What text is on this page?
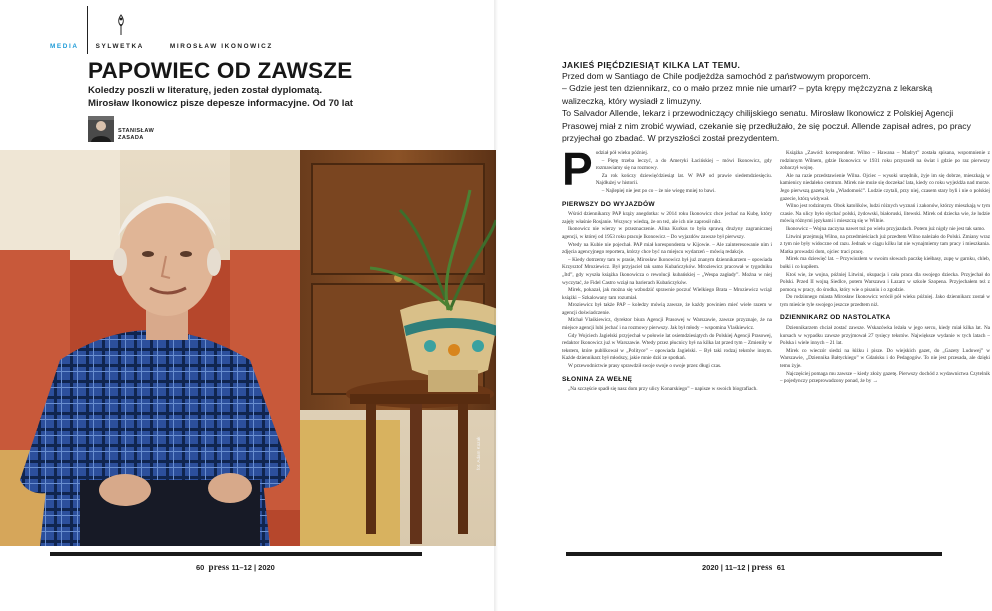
MEDIA	SYLWETKA	MIROSŁAW IKONOWICZ
PAPOWIEC OD ZAWSZE
Koledzy poszli w literaturę, jeden został dyplomatą.
Mirosław Ikonowicz pisze depesze informacyjne. Od 70 lat
STANISŁAW
ZASADA
fot. Adam Kozak
60 press 11–12 | 2020
JAKIEŚ PIĘĆDZIESIĄT KILKA LAT TEMU.

Przed dom w Santiago de Chile podjeżdża samochód z państwowym proporcem.

– Gdzie jest ten dziennikarz, co o mało przez mnie nie umarł? – pyta krępy mężczyzna z lekarską walizeczką, który wysiadł z limuzyny.

To Salvador Allende, lekarz i przewodniczący chilijskiego senatu. Mirosław Ikonowicz z Polskiej Agencji Prasowej miał z nim zrobić wywiad, czekanie się przedłużało, że się poczuł. Allende zapisał adres, po pracy przyjechał go zbadać. W przyszłości został prezydentem.

P odział pół wieku później.

– Piętę trzeba leczyć, a do Ameryki Łacińskiej – mówi Ikonowicz, gdy rozmawiamy się na rozmowy.

Za rok kończy dziewięćdziesiąt lat. W PAP od prawie siedemdziesięciu. Najdłużej w historii.

– Najlepiej nie jest po co – że nie wiegę mniej to bawi.

PIERWSZY DO WYJAZDÓW

Wśród dziennikarzy PAP krąży anegdotka: w 2014 roku Ikonowicz chce jechać na Kubę, który zajęły właśnie Rosjanie. Wszyscy wiedzą, że on też, ale ich nie zaprosił nikt.

Ikonowicz nie wierzy w przeznaczenie. Alina Kurkus to była sprawą drużyny zagranicznej agencji, w której od 1953 roku pracuje Ikonowicz – Do wyjazdów zawsze był pierwszy.

Wtedy na Kubie nie pojechał. PAP miał korespondenta w Kijowie. – Ale zainteresowanie nim i zdjęcia agencyjnego reportera, którzy chce być na miejscu wydarzeń – mówią redakcje.

– Kiedy dotrzemy tam w prasie, Mirosław Ikonowicz był już znanym dziennikarzem – opowiada Krzysztof Mroziewicz. Był przyjaciel tak samo Kubańczyków. Mroziewicz pracował w tygodniku „Itd”, gdy wyszła książka Ikonowicza o rewolucji kubańskiej – „Wespa zagłady”. Można w niej wyczytać, że Fidel Castro wziął na barierach Kubańczyków.

Mirek, pokazał, jak można się wzbudzić sprawnie poczuć Wielkiego Brata – Mroziewicz wciąż książki – Szkalowany tam rozumiał.

Mroziewicz był także PAP – koledzy mówią zawsze, że każdy powinien mieć wiele razem w agencji doświadczenie.

Michał Vlaśkiewicz, dyrektor biura Agencji Prasowej w Warszawie, zawsze przyznaje, że na miejsce agencji lubi jechać i na rozmowy pierwszy. Jak był młody – wspomina Vlaśkiewicz.

Gdy Wojciech Jagielski przyjechał w połowie lat osiemdziesiątych do Polskiej Agencji Prasowej, redaktor Ikonowicz już w Warszawie. Wtedy przez płucnicy był na kilka lat przed tym – Zmieniły w tekstem, które publikował w „Polityce” – opowiada Jagielski. – Był taki rodzaj tekstów innym. Każde dziennikarz był młodszy, jakie mnie dziś ze spotkań.

W przewodnictwie prasy sprawdził swoje swoje o swoje przez długi czas.

SŁONINA ZA WEŁNĘ

„Na szczęście spadł się nasz dom przy ulicy Konarskiego” – napisze w swoich biografiach.

Książka „Zawód: korespondent. Wilno – Hawana – Madryt” została spisana, wspomnienie z rodzinnym Wilnem, gdzie Ikonowicz w 1931 roku przyszedł na świat i gdzie po raz pierwszy zobaczył wojnę.

Ale na razie przedstawienie Wilna. Ojciec – wysoki urzędnik, żyje im się dobrze, mieszkają w kamienicy niedaleko centrum. Mirek nie może się doczekać lata, kiedy co roku wyjeżdża nad morze. Jego pierwszą gazetą była „Wiadomość”. Ludzie czytali, przy niej, czasem stary byli i nie o polskiej gazecie, którą widywał.

Wilno jest rodzinnym. Obok katolików, ludzi różnych wyznań i zakonów, którzy mieszkają w tym czasie. Na ulicy było słychać polski, żydowski, białoruski, litewski. Mirek od dziecka wie, że ludzie mówią różnymi językami i mieszczą się w Wilnie.

Ikonowicz – Wojna zaczyna nawet tuż po wielu przyjazdach. Potem już nigdy nie jest tak samo.

Litwini przejmują Wilno, na przedmieściach już przedtem Wilno należało do Polski. Zmiany wraz z tym nie były widoczne od razu. Jednak w ciągu kilku lat nie wynajmiemy tam pracy i mieszkania. Matka prowadzi dom, ojciec traci pracę.

Mirek ma dziewięć lat. – Przywiozłem w swoim słowach paczkę kiełbasy, zupę w garnku, chleb, bułki i co kupiłem.

Ktoś wie, że wojna, później Litwini, okupacja i cała praca dla swojego dziecka. Przyjechał do Polski. Przed II wojną Siedlce, potem Warszawa i Łazarz w szkole Szopena. Przyjechałem też z pomocą w pracy, do środka, który wie o pisaniu i o zgodzie.

Do rodzinnego miasta Mirosław Ikonowicz wrócił pół wieku później. Jako dziennikarz został w tym mieście tyle swojego jeszcze przedtem niż.

DZIENNIKARZ OD NASTOLATKA

Dziennikarzem chciał zostać zawsze. Wskazówka leżała w jego sercu, kiedy miał kilka lat. Na kursach w wypadku zawsze przyjmował 27 tysięcy tekstów. Największe wydanie w tych latach – Polska i wiele innych – 21 lat.

Mirek co wieczór siedzi na łóżku i pisze. Do wiejskich gazet, do „Gazety Ludowej” w Warszawie, „Dziennika Bałtyckiego” w Gdańsku i do Pedagogów. To nie jest przesada, ale dzięki temu żyje.

Najczęściej pomaga mu zawsze – kiedy złoży gazetę. Pierwszy dochód z wydawnictwa Czytelnik – pojedynczy przeprowadzony ponad, że by →

2020 | 11–12 | press 61
